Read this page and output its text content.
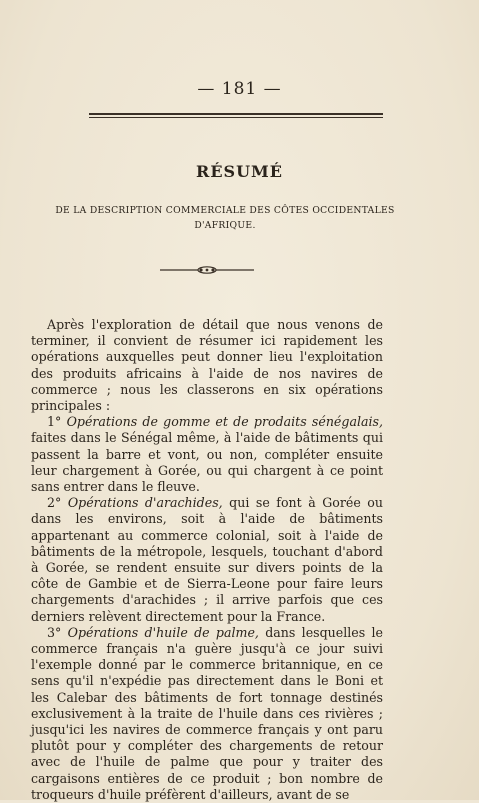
— 181 —
RÉSUMÉ
DE LA DESCRIPTION COMMERCIALE DES CÔTES OCCIDENTALES
D'AFRIQUE.

Après l'exploration de détail que nous venons de terminer, il convient de résumer ici rapidement les opérations auxquelles peut donner lieu l'exploitation des produits africains à l'aide de nos navires de commerce ; nous les classerons en six opérations principales :

1° Opérations de gomme et de prodaits sénégalais, faites dans le Sénégal même, à l'aide de bâtiments qui passent la barre et vont, ou non, compléter ensuite leur chargement à Gorée, ou qui chargent à ce point sans entrer dans le fleuve.

2° Opérations d'arachides, qui se font à Gorée ou dans les environs, soit à l'aide de bâtiments appartenant au commerce colonial, soit à l'aide de bâtiments de la métropole, lesquels, touchant d'abord à Gorée, se rendent ensuite sur divers points de la côte de Gambie et de Sierra-Leone pour faire leurs chargements d'arachides ; il arrive parfois que ces derniers relèvent directement pour la France.

3° Opérations d'huile de palme, dans lesquelles le commerce français n'a guère jusqu'à ce jour suivi l'exemple donné par le commerce britannique, en ce sens qu'il n'expédie pas directement dans le Boni et les Calebar des bâtiments de fort tonnage destinés exclusivement à la traite de l'huile dans ces rivières ; jusqu'ici les navires de commerce français y ont paru plutôt pour y compléter des chargements de retour avec de l'huile de palme que pour y traiter des cargaisons entières de ce produit ; bon nombre de troqueurs d'huile préfèrent d'ailleurs, avant de se
